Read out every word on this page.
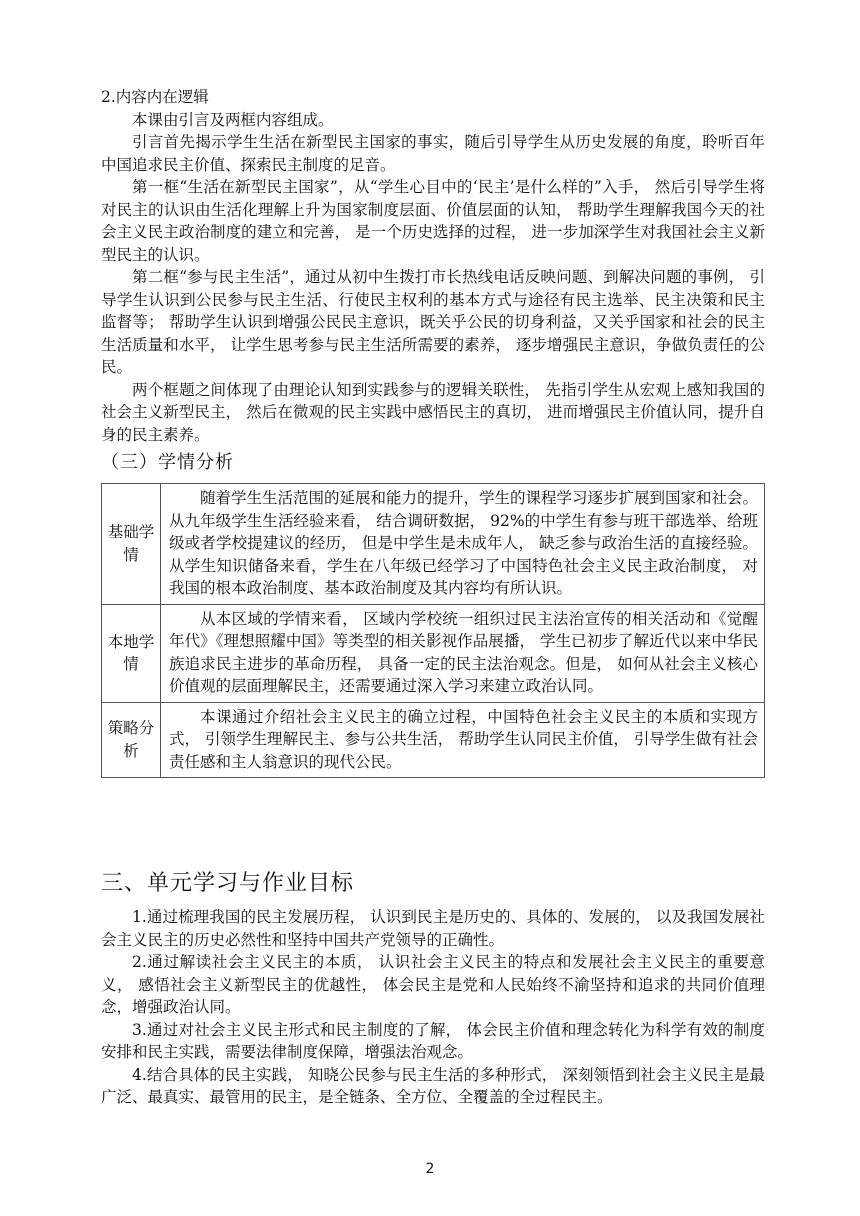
2.内容内在逻辑

本课由引言及两框内容组成。

引言首先揭示学生生活在新型民主国家的事实，随后引导学生从历史发展的角度，聆听百年中国追求民主价值、探索民主制度的足音。

第一框“生活在新型民主国家”，从“学生心目中的‘民主’是什么样的”入手， 然后引导学生将对民主的认识由生活化理解上升为国家制度层面、价值层面的认知， 帮助学生理解我国今天的社会主义民主政治制度的建立和完善， 是一个历史选择的过程， 进一步加深学生对我国社会主义新型民主的认识。

第二框“参与民主生活”，通过从初中生拨打市长热线电话反映问题、到解决问题的事例， 引导学生认识到公民参与民主生活、行使民主权利的基本方式与途径有民主选举、民主决策和民主监督等； 帮助学生认识到增强公民民主意识，既关乎公民的切身利益，又关乎国家和社会的民主生活质量和水平， 让学生思考参与民主生活所需要的素养， 逐步增强民主意识，争做负责任的公民。

两个框题之间体现了由理论认知到实践参与的逻辑关联性， 先指引学生从宏观上感知我国的社会主义新型民主， 然后在微观的民主实践中感悟民主的真切， 进而增强民主价值认同，提升自身的民主素养。

（三）学情分析
基础学情	随着学生生活范围的延展和能力的提升，学生的课程学习逐步扩展到国家和社会。从九年级学生生活经验来看， 结合调研数据， 92%的中学生有参与班干部选举、给班级或者学校提建议的经历， 但是中学生是未成年人， 缺乏参与政治生活的直接经验。从学生知识储备来看，学生在八年级已经学习了中国特色社会主义民主政治制度， 对我国的根本政治制度、基本政治制度及其内容均有所认识。

本地学情	从本区域的学情来看， 区域内学校统一组织过民主法治宣传的相关活动和《觉醒年代》《理想照耀中国》等类型的相关影视作品展播， 学生已初步了解近代以来中华民族追求民主进步的革命历程， 具备一定的民主法治观念。但是， 如何从社会主义核心价值观的层面理解民主，还需要通过深入学习来建立政治认同。

策略分析	本课通过介绍社会主义民主的确立过程，中国特色社会主义民主的本质和实现方式， 引领学生理解民主、参与公共生活， 帮助学生认同民主价值， 引导学生做有社会责任感和主人翁意识的现代公民。

三、单元学习与作业目标

1.通过梳理我国的民主发展历程， 认识到民主是历史的、具体的、发展的， 以及我国发展社会主义民主的历史必然性和坚持中国共产党领导的正确性。

2.通过解读社会主义民主的本质， 认识社会主义民主的特点和发展社会主义民主的重要意义， 感悟社会主义新型民主的优越性， 体会民主是党和人民始终不渝坚持和追求的共同价值理念，增强政治认同。

3.通过对社会主义民主形式和民主制度的了解， 体会民主价值和理念转化为科学有效的制度安排和民主实践，需要法律制度保障，增强法治观念。

4.结合具体的民主实践， 知晓公民参与民主生活的多种形式， 深刻领悟到社会主义民主是最广泛、最真实、最管用的民主，是全链条、全方位、全覆盖的全过程民主。

2
